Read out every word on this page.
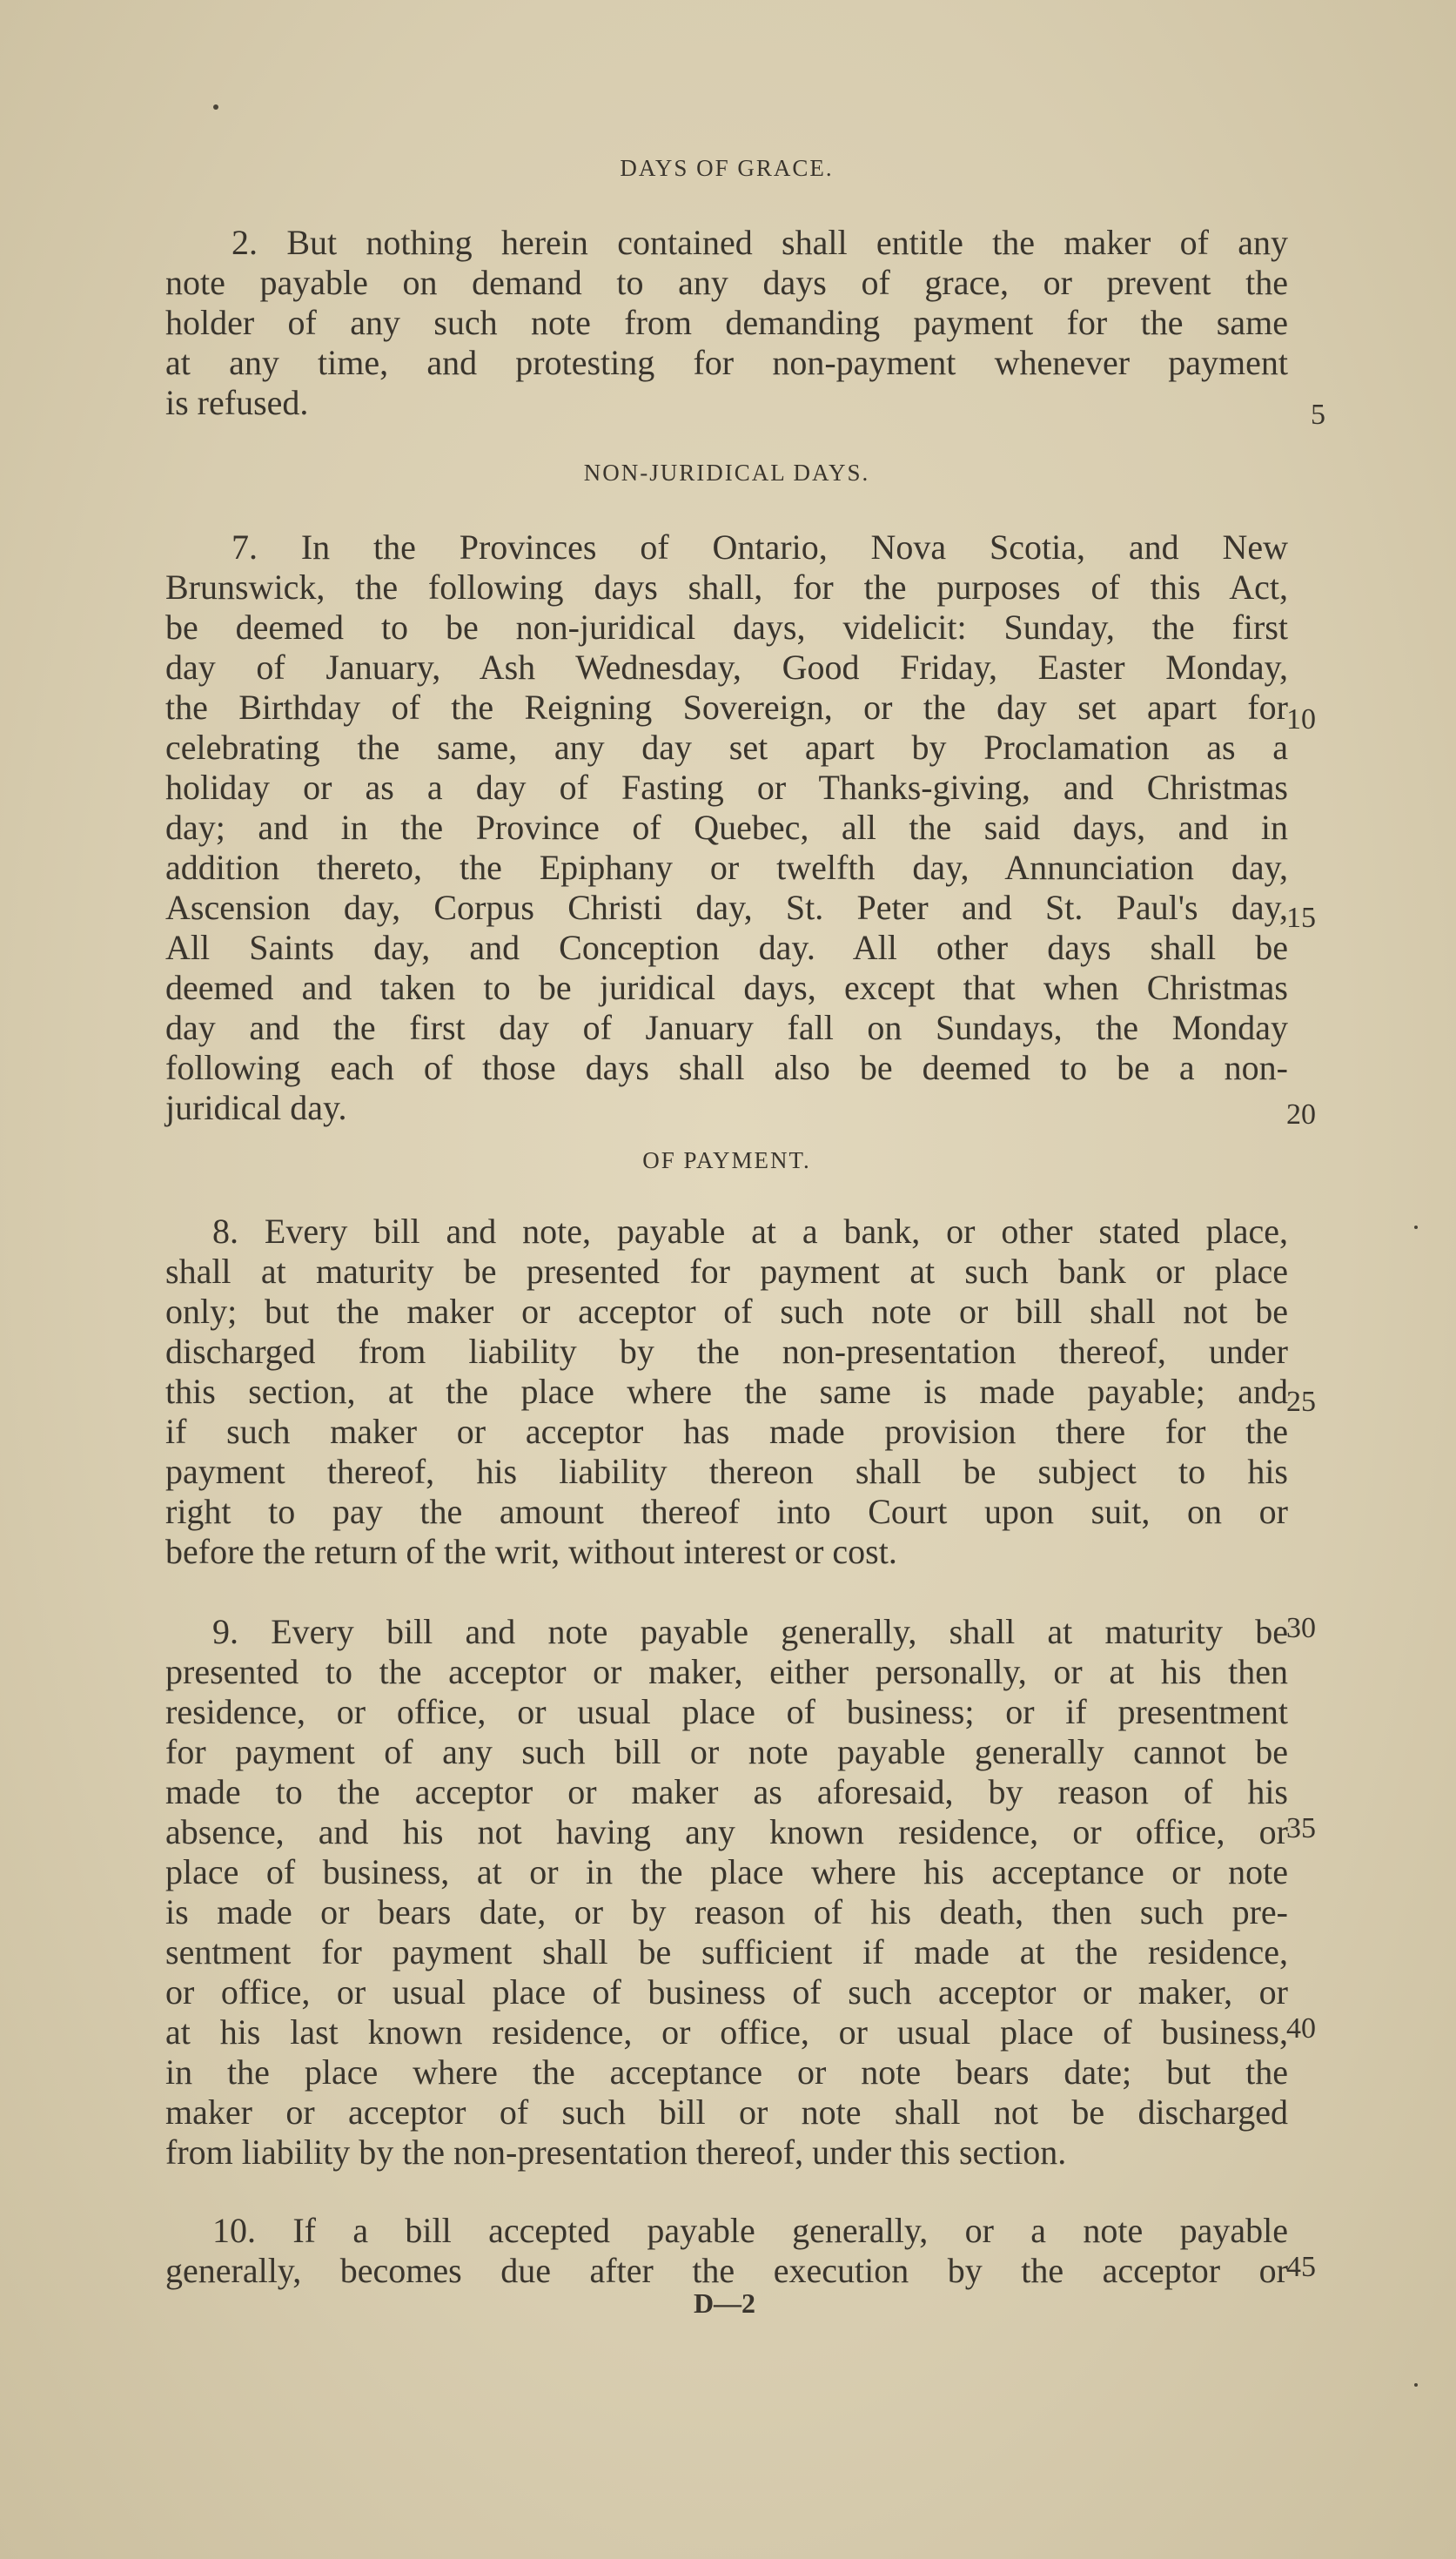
DAYS OF GRACE.
2. But nothing herein contained shall entitle the maker of any
note payable on demand to any days of grace, or prevent the
holder of any such note from demanding payment for the same
at any time, and protesting for non-payment whenever payment
is refused.
NON-JURIDICAL DAYS.
7. In the Provinces of Ontario, Nova Scotia, and New
Brunswick, the following days shall, for the purposes of this Act,
be deemed to be non-juridical days, videlicit: Sunday, the first
day of January, Ash Wednesday, Good Friday, Easter Monday,
the Birthday of the Reigning Sovereign, or the day set apart for
celebrating the same, any day set apart by Proclamation as a
holiday or as a day of Fasting or Thanks-giving, and Christmas
day; and in the Province of Quebec, all the said days, and in
addition thereto, the Epiphany or twelfth day, Annunciation day,
Ascension day, Corpus Christi day, St. Peter and St. Paul's day,
All Saints day, and Conception day. All other days shall be
deemed and taken to be juridical days, except that when Christmas
day and the first day of January fall on Sundays, the Monday
following each of those days shall also be deemed to be a non-
juridical day.
OF PAYMENT.
8. Every bill and note, payable at a bank, or other stated place,
shall at maturity be presented for payment at such bank or place
only; but the maker or acceptor of such note or bill shall not be
discharged from liability by the non-presentation thereof, under
this section, at the place where the same is made payable; and
if such maker or acceptor has made provision there for the
payment thereof, his liability thereon shall be subject to his
right to pay the amount thereof into Court upon suit, on or
before the return of the writ, without interest or cost.
9. Every bill and note payable generally, shall at maturity be
presented to the acceptor or maker, either personally, or at his then
residence, or office, or usual place of business; or if presentment
for payment of any such bill or note payable generally cannot be
made to the acceptor or maker as aforesaid, by reason of his
absence, and his not having any known residence, or office, or
place of business, at or in the place where his acceptance or note
is made or bears date, or by reason of his death, then such pre-
sentment for payment shall be sufficient if made at the residence,
or office, or usual place of business of such acceptor or maker, or
at his last known residence, or office, or usual place of business,
in the place where the acceptance or note bears date; but the
maker or acceptor of such bill or note shall not be discharged
from liability by the non-presentation thereof, under this section.
10. If a bill accepted payable generally, or a note payable
generally, becomes due after the execution by the acceptor or
5
10
15
20
25
30
35
40
45
D—2
